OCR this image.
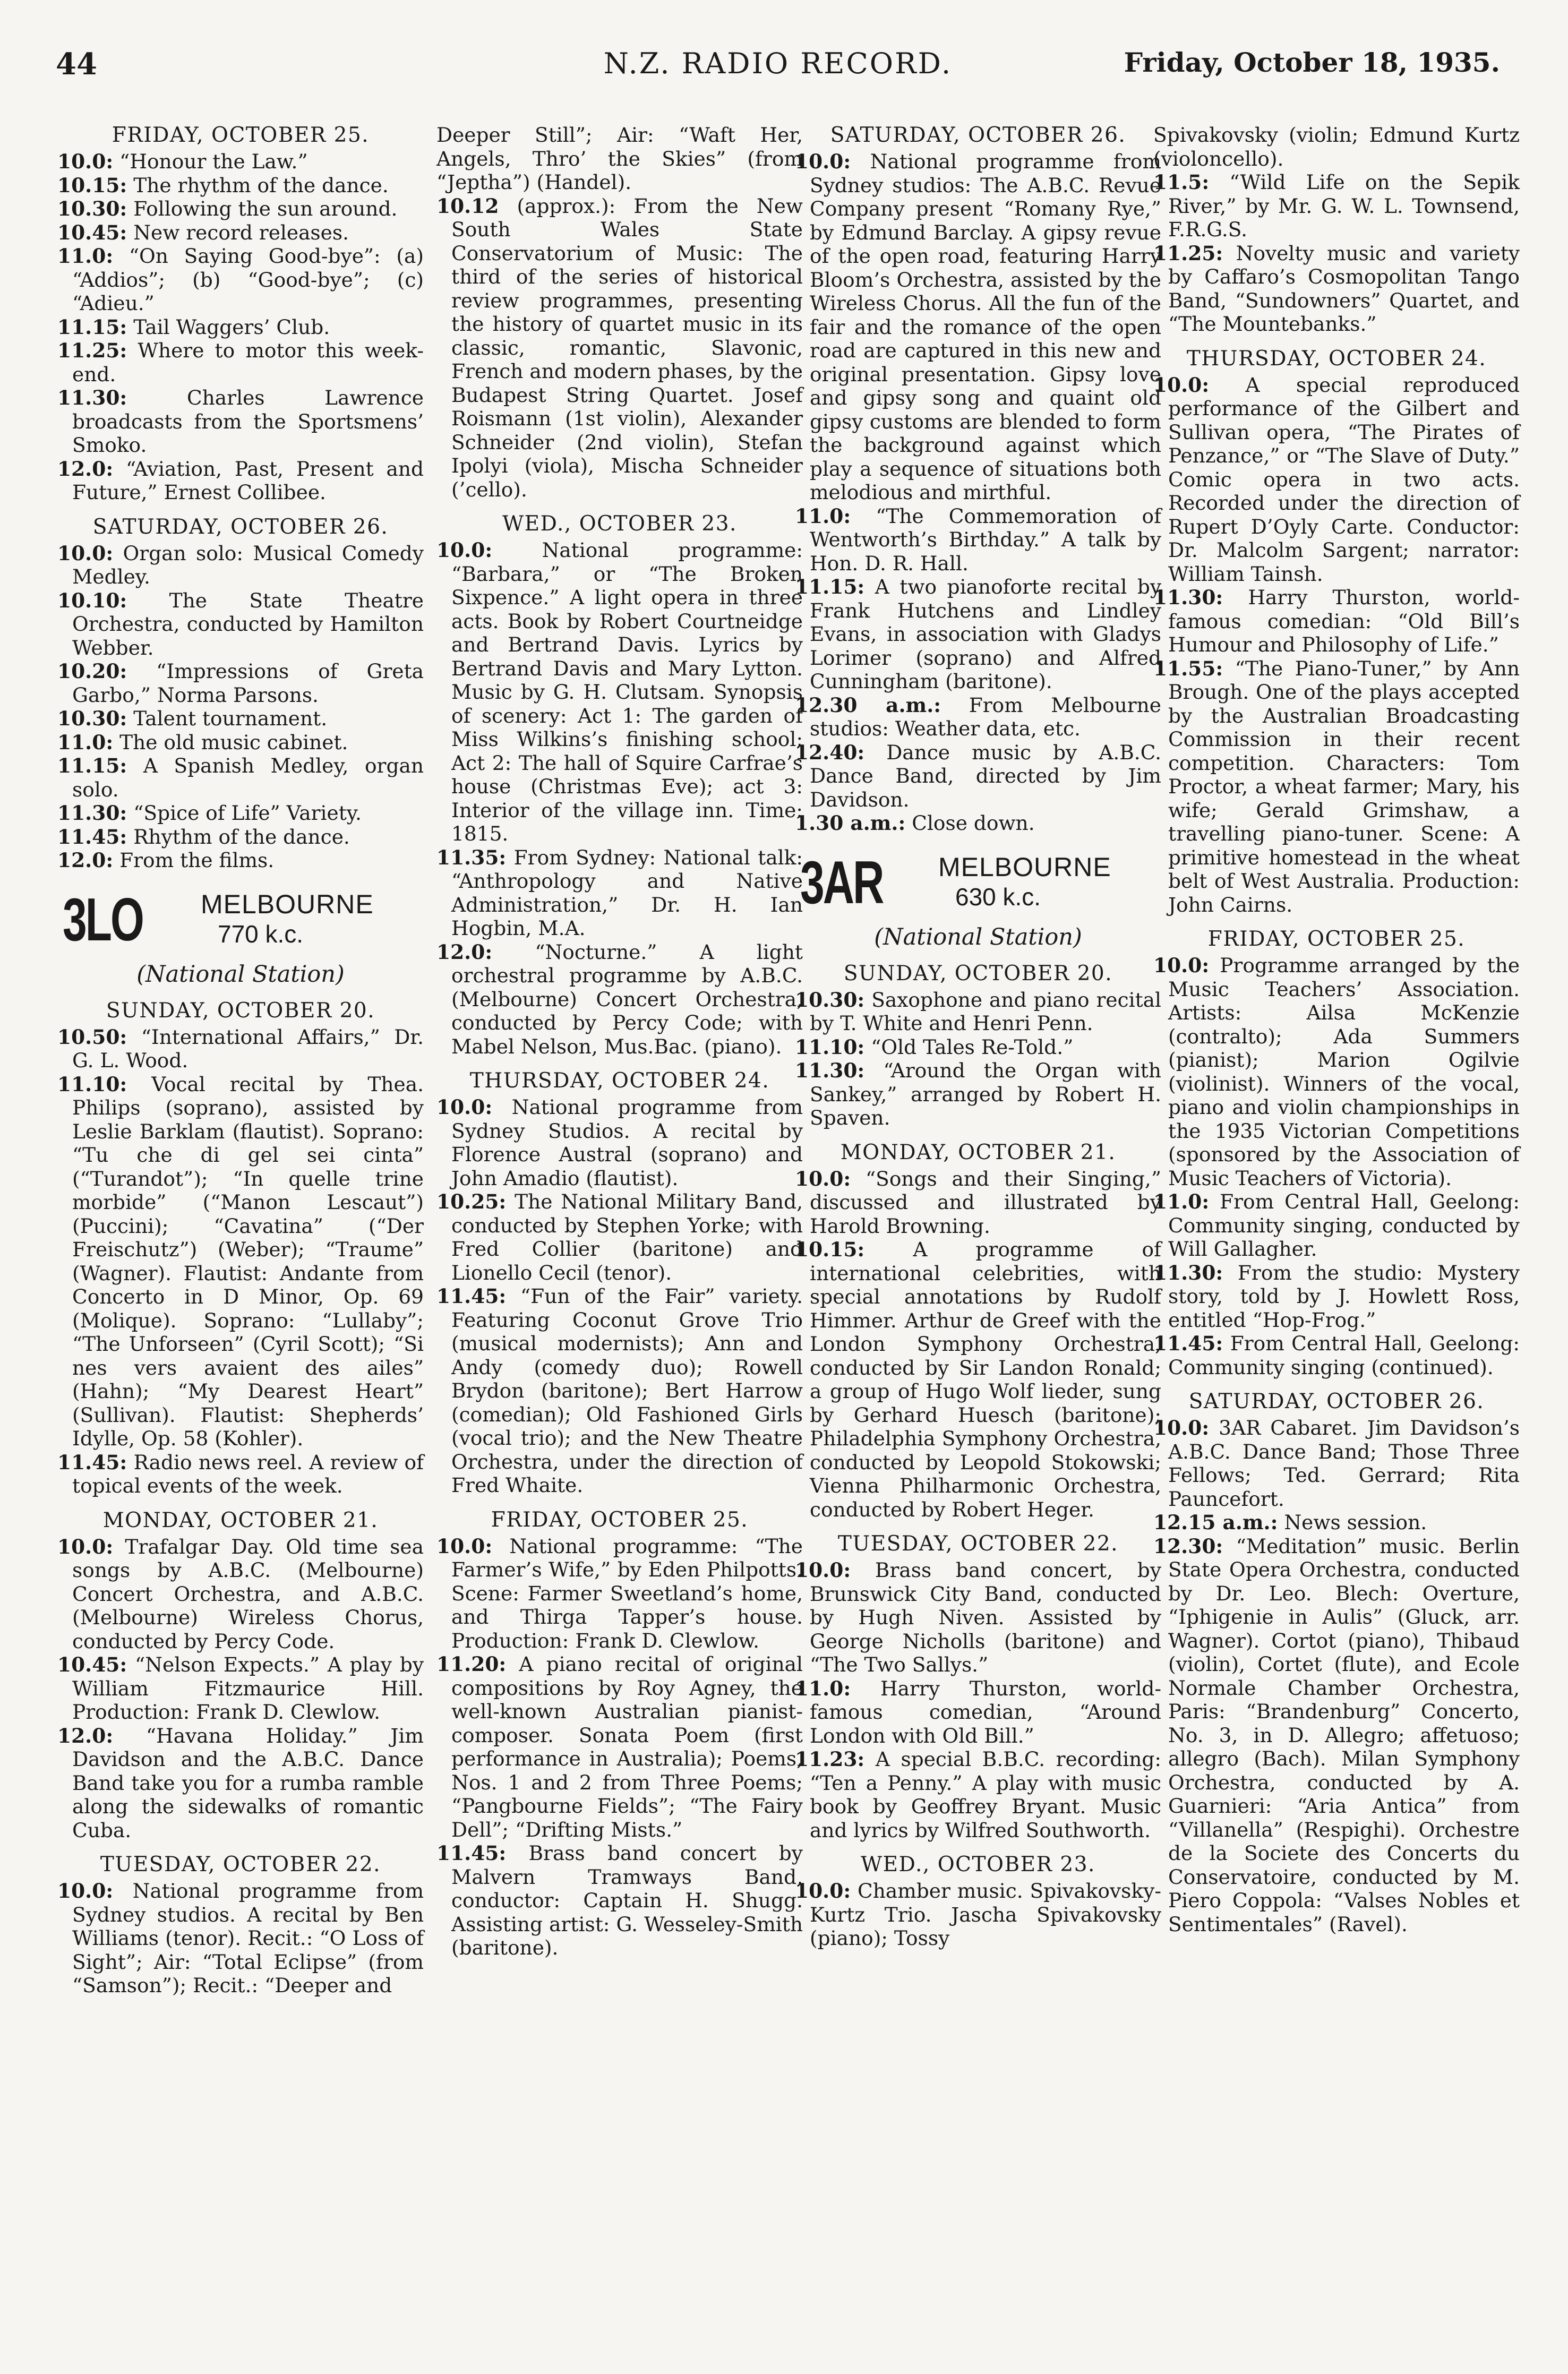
44	N.Z. RADIO RECORD.	Friday, October 18, 1935.

FRIDAY, OCTOBER 25.

10.0: “Honour the Law.”

10.15: The rhythm of the dance.

10.30: Following the sun around.

10.45: New record releases.

11.0: “On Saying Good-bye”: (a) “Addios”; (b) “Good-bye”; (c) “Adieu.”

11.15: Tail Waggers’ Club.

11.25: Where to motor this week-end.

11.30:	Charles Lawrence broadcasts from the Sportsmens’ Smoko.

12.0: “Aviation, Past, Present and Future,” Ernest Collibee.

SATURDAY, OCTOBER 26.

10.0: Organ solo: Musical Comedy Medley.

10.10: The State Theatre Orchestra, conducted by Hamilton Webber.

10.20: “Impressions of Greta Garbo,” Norma Parsons.

10.30: Talent tournament.

11.0: The old music cabinet.

11.15: A Spanish Medley, organ solo.

11.30: “Spice of Life” Variety.

11.45: Rhythm of the dance.

12.0: From the films.

3LO MELBOURNE
770 k.c.

(National Station)

SUNDAY, OCTOBER 20.

10.50: “International Affairs,” Dr. G. L. Wood.

11.10: Vocal recital by Thea. Philips (soprano), assisted by Leslie Barklam (flautist). Soprano: “Tu che di gel sei cinta” (“Turandot”); “In quelle trine morbide” (“Manon Lescaut”) (Puccini); “Cavatina” (“Der Freischutz”) (Weber); “Traume” (Wagner). Flautist: Andante from Concerto in D Minor, Op. 69 (Molique). Soprano: “Lullaby”; “The Unforseen” (Cyril Scott); “Si nes vers avaient des ailes” (Hahn); “My Dearest Heart” (Sullivan). Flautist: Shepherds’ Idylle, Op. 58 (Kohler).

11.45: Radio news reel. A review of topical events of the week.

MONDAY, OCTOBER 21.

10.0: Trafalgar Day. Old time sea songs by A.B.C. (Melbourne) Concert Orchestra, and A.B.C. (Melbourne) Wireless Chorus, conducted by Percy Code.

10.45: “Nelson Expects.” A play by William Fitzmaurice Hill. Production: Frank D. Clewlow.

12.0: “Havana Holiday.” Jim Davidson and the A.B.C. Dance Band take you for a rumba ramble along the sidewalks of romantic Cuba.

TUESDAY, OCTOBER 22.

10.0: National programme from Sydney studios. A recital by Ben Williams (tenor). Recit.: “O Loss of Sight”; Air: “Total Eclipse” (from “Samson”); Recit.: “Deeper and

Deeper Still”; Air: “Waft Her, Angels, Thro’ the Skies” (from “Jeptha”) (Handel).

10.12 (approx.): From the New South Wales State Conservatorium of Music: The third of the series of historical review programmes, presenting the history of quartet music in its classic, romantic, Slavonic, French and modern phases, by the Budapest String Quartet. Josef Roismann (1st violin), Alexander Schneider (2nd violin), Stefan Ipolyi (viola), Mischa Schneider (’cello).

WED., OCTOBER 23.

10.0: National programme: “Barbara,” or “The Broken Sixpence.” A light opera in three acts. Book by Robert Courtneidge and Bertrand Davis. Lyrics by Bertrand Davis and Mary Lytton. Music by G. H. Clutsam. Synopsis of scenery: Act 1: The garden of Miss Wilkins’s finishing school; Act 2: The hall of Squire Carfrae’s house (Christmas Eve); act 3: Interior of the village inn. Time: 1815.

11.35: From Sydney: National talk: “Anthropology and Native Administration,” Dr. H. Ian Hogbin, M.A.

12.0: “Nocturne.” A light orchestral programme by A.B.C. (Melbourne) Concert Orchestra, conducted by Percy Code; with Mabel Nelson, Mus.Bac. (piano).

THURSDAY, OCTOBER 24.

10.0: National programme from Sydney Studios. A recital by Florence Austral (soprano) and John Amadio (flautist).

10.25: The National Military Band, conducted by Stephen Yorke; with Fred Collier (baritone) and Lionello Cecil (tenor).

11.45: “Fun of the Fair” variety. Featuring Coconut Grove Trio (musical modernists); Ann and Andy (comedy duo); Rowell Brydon (baritone); Bert Harrow (comedian); Old Fashioned Girls (vocal trio); and the New Theatre Orchestra, under the direction of Fred Whaite.

FRIDAY, OCTOBER 25.

10.0: National programme: “The Farmer’s Wife,” by Eden Philpotts. Scene: Farmer Sweetland’s home, and Thirga Tapper’s house. Production: Frank D. Clewlow.

11.20: A piano recital of original compositions by Roy Agney, the well-known Australian pianist-composer. Sonata Poem (first performance in Australia); Poems, Nos. 1 and 2 from Three Poems; “Pangbourne Fields”; “The Fairy Dell”; “Drifting Mists.”

11.45: Brass band concert by Malvern Tramways Band, conductor: Captain H. Shugg. Assisting artist: G. Wesseley-Smith (baritone).

SATURDAY, OCTOBER 26.

10.0: National programme from Sydney studios: The A.B.C. Revue Company present “Romany Rye,” by Edmund Barclay. A gipsy revue of the open road, featuring Harry Bloom’s Orchestra, assisted by the Wireless Chorus. All the fun of the fair and the romance of the open road are captured in this new and original presentation. Gipsy love and gipsy song and quaint old gipsy customs are blended to form the background against which play a sequence of situations both melodious and mirthful.

11.0: “The Commemoration of Wentworth’s Birthday.” A talk by Hon. D. R. Hall.

11.15: A two pianoforte recital by Frank Hutchens and Lindley Evans, in association with Gladys Lorimer (soprano) and Alfred Cunningham (baritone).

12.30 a.m.: From Melbourne studios: Weather data, etc.

12.40: Dance music by A.B.C. Dance Band, directed by Jim Davidson.

1.30 a.m.: Close down.

3AR MELBOURNE
630 k.c.

(National Station)

SUNDAY, OCTOBER 20.

10.30: Saxophone and piano recital by T. White and Henri Penn.

11.10: “Old Tales Re-Told.”

11.30: “Around the Organ with Sankey,” arranged by Robert H. Spaven.

MONDAY, OCTOBER 21.

10.0: “Songs and their Singing,” discussed and illustrated by Harold Browning.

10.15: A programme of international celebrities, with special annotations by Rudolf Himmer. Arthur de Greef with the London Symphony Orchestra, conducted by Sir Landon Ronald; a group of Hugo Wolf lieder, sung by Gerhard Huesch (baritone); Philadelphia Symphony Orchestra, conducted by Leopold Stokowski; Vienna Philharmonic Orchestra, conducted by Robert Heger.

TUESDAY, OCTOBER 22.

10.0: Brass band concert, by Brunswick City Band, conducted by Hugh Niven. Assisted by George Nicholls (baritone) and “The Two Sallys.”

11.0: Harry Thurston, world-famous comedian, “Around London with Old Bill.”

11.23: A special B.B.C. recording: “Ten a Penny.” A play with music book by Geoffrey Bryant. Music and lyrics by Wilfred Southworth.

WED., OCTOBER 23.

10.0: Chamber music. Spivakovsky-Kurtz Trio. Jascha Spivakovsky (piano); Tossy

Spivakovsky (violin; Edmund Kurtz (violoncello).

11.5: “Wild Life on the Sepik River,” by Mr. G. W. L. Townsend, F.R.G.S.

11.25: Novelty music and variety by Caffaro’s Cosmopolitan Tango Band, “Sundowners” Quartet, and “The Mountebanks.”

THURSDAY, OCTOBER 24.

10.0: A special reproduced performance of the Gilbert and Sullivan opera, “The Pirates of Penzance,” or “The Slave of Duty.” Comic opera in two acts. Recorded under the direction of Rupert D’Oyly Carte. Conductor: Dr. Malcolm Sargent; narrator: William Tainsh.

11.30: Harry Thurston, world-famous comedian: “Old Bill’s Humour and Philosophy of Life.”

11.55: “The Piano-Tuner,” by Ann Brough. One of the plays accepted by the Australian Broadcasting Commission in their recent competition. Characters: Tom Proctor, a wheat farmer; Mary, his wife; Gerald Grimshaw, a travelling piano-tuner. Scene: A primitive homestead in the wheat belt of West Australia. Production: John Cairns.

FRIDAY, OCTOBER 25.

10.0: Programme arranged by the Music Teachers’ Association. Artists: Ailsa McKenzie (contralto); Ada Summers (pianist); Marion Ogilvie (violinist). Winners of the vocal, piano and violin championships in the 1935 Victorian Competitions (sponsored by the Association of Music Teachers of Victoria).

11.0: From Central Hall, Geelong: Community singing, conducted by Will Gallagher.

11.30: From the studio: Mystery story, told by J. Howlett Ross, entitled “Hop-Frog.”

11.45: From Central Hall, Geelong: Community singing (continued).

SATURDAY, OCTOBER 26.

10.0: 3AR Cabaret. Jim Davidson’s A.B.C. Dance Band; Those Three Fellows; Ted. Gerrard; Rita Pauncefort.

12.15 a.m.: News session.

12.30: “Meditation” music. Berlin State Opera Orchestra, conducted by Dr. Leo. Blech: Overture, “Iphigenie in Aulis” (Gluck, arr. Wagner). Cortot (piano), Thibaud (violin), Cortet (flute), and Ecole Normale Chamber Orchestra, Paris: “Brandenburg” Concerto, No. 3, in D. Allegro; affetuoso; allegro (Bach). Milan Symphony Orchestra, conducted by A. Guarnieri: “Aria Antica” from “Villanella” (Respighi). Orchestre de la Societe des Concerts du Conservatoire, conducted by M. Piero Coppola: “Valses Nobles et Sentimentales” (Ravel).
